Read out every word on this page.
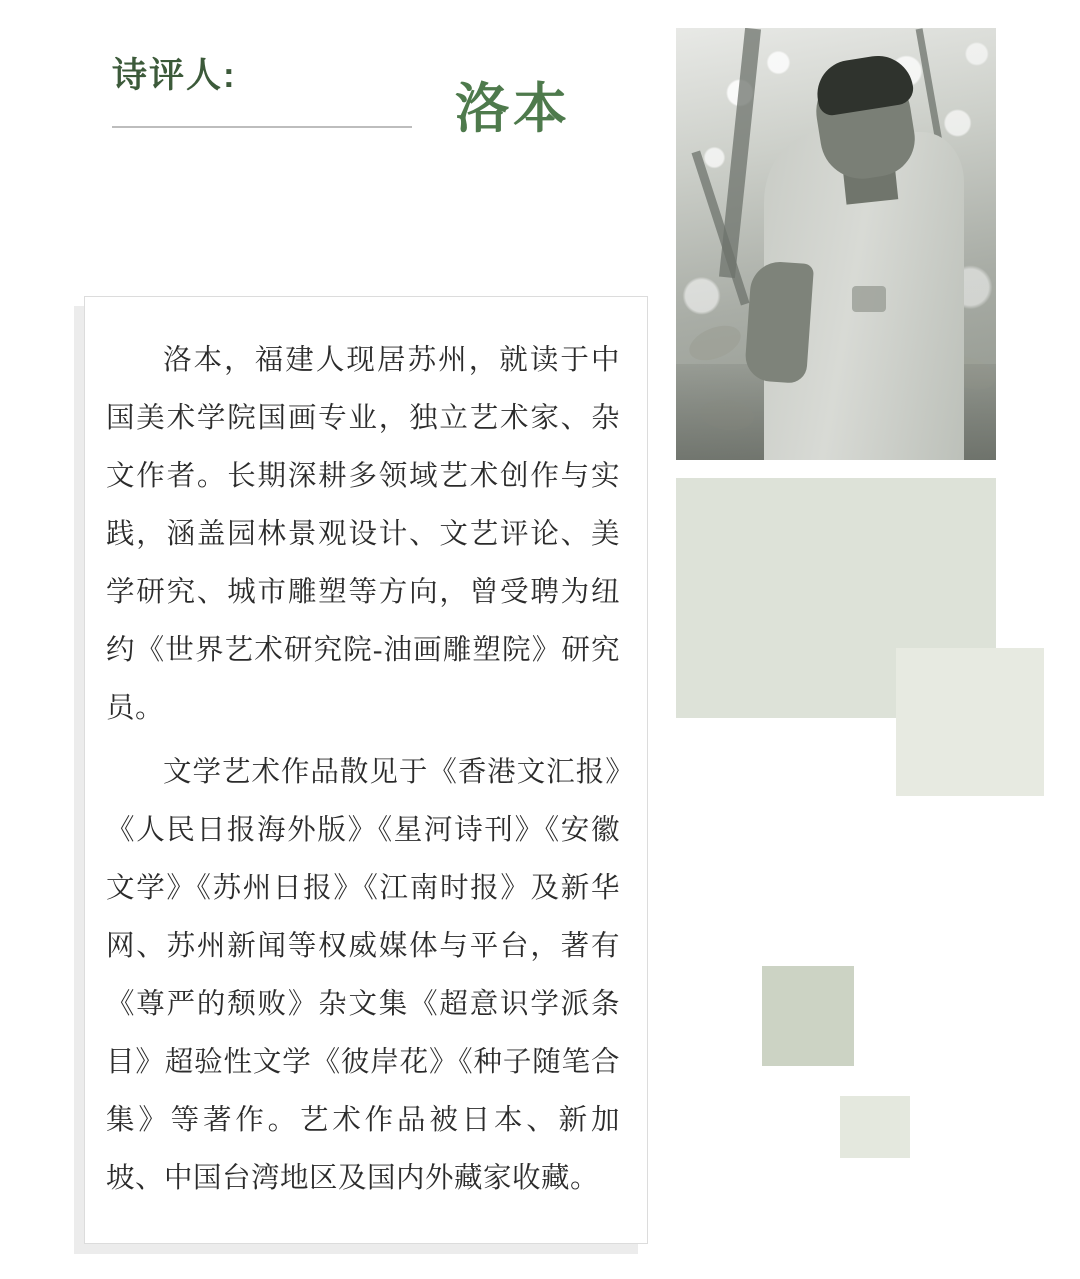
诗评人:
洛本

洛本，福建人现居苏州，就读于中国美术学院国画专业，独立艺术家、杂文作者。长期深耕多领域艺术创作与实践，涵盖园林景观设计、文艺评论、美学研究、城市雕塑等方向，曾受聘为纽约《世界艺术研究院-油画雕塑院》研究员。

文学艺术作品散见于《香港文汇报》《人民日报海外版》《星河诗刊》《安徽文学》《苏州日报》《江南时报》及新华网、苏州新闻等权威媒体与平台，著有《尊严的颓败》杂文集《超意识学派条目》超验性文学《彼岸花》《种子随笔合集》等著作。艺术作品被日本、新加坡、中国台湾地区及国内外藏家收藏。
